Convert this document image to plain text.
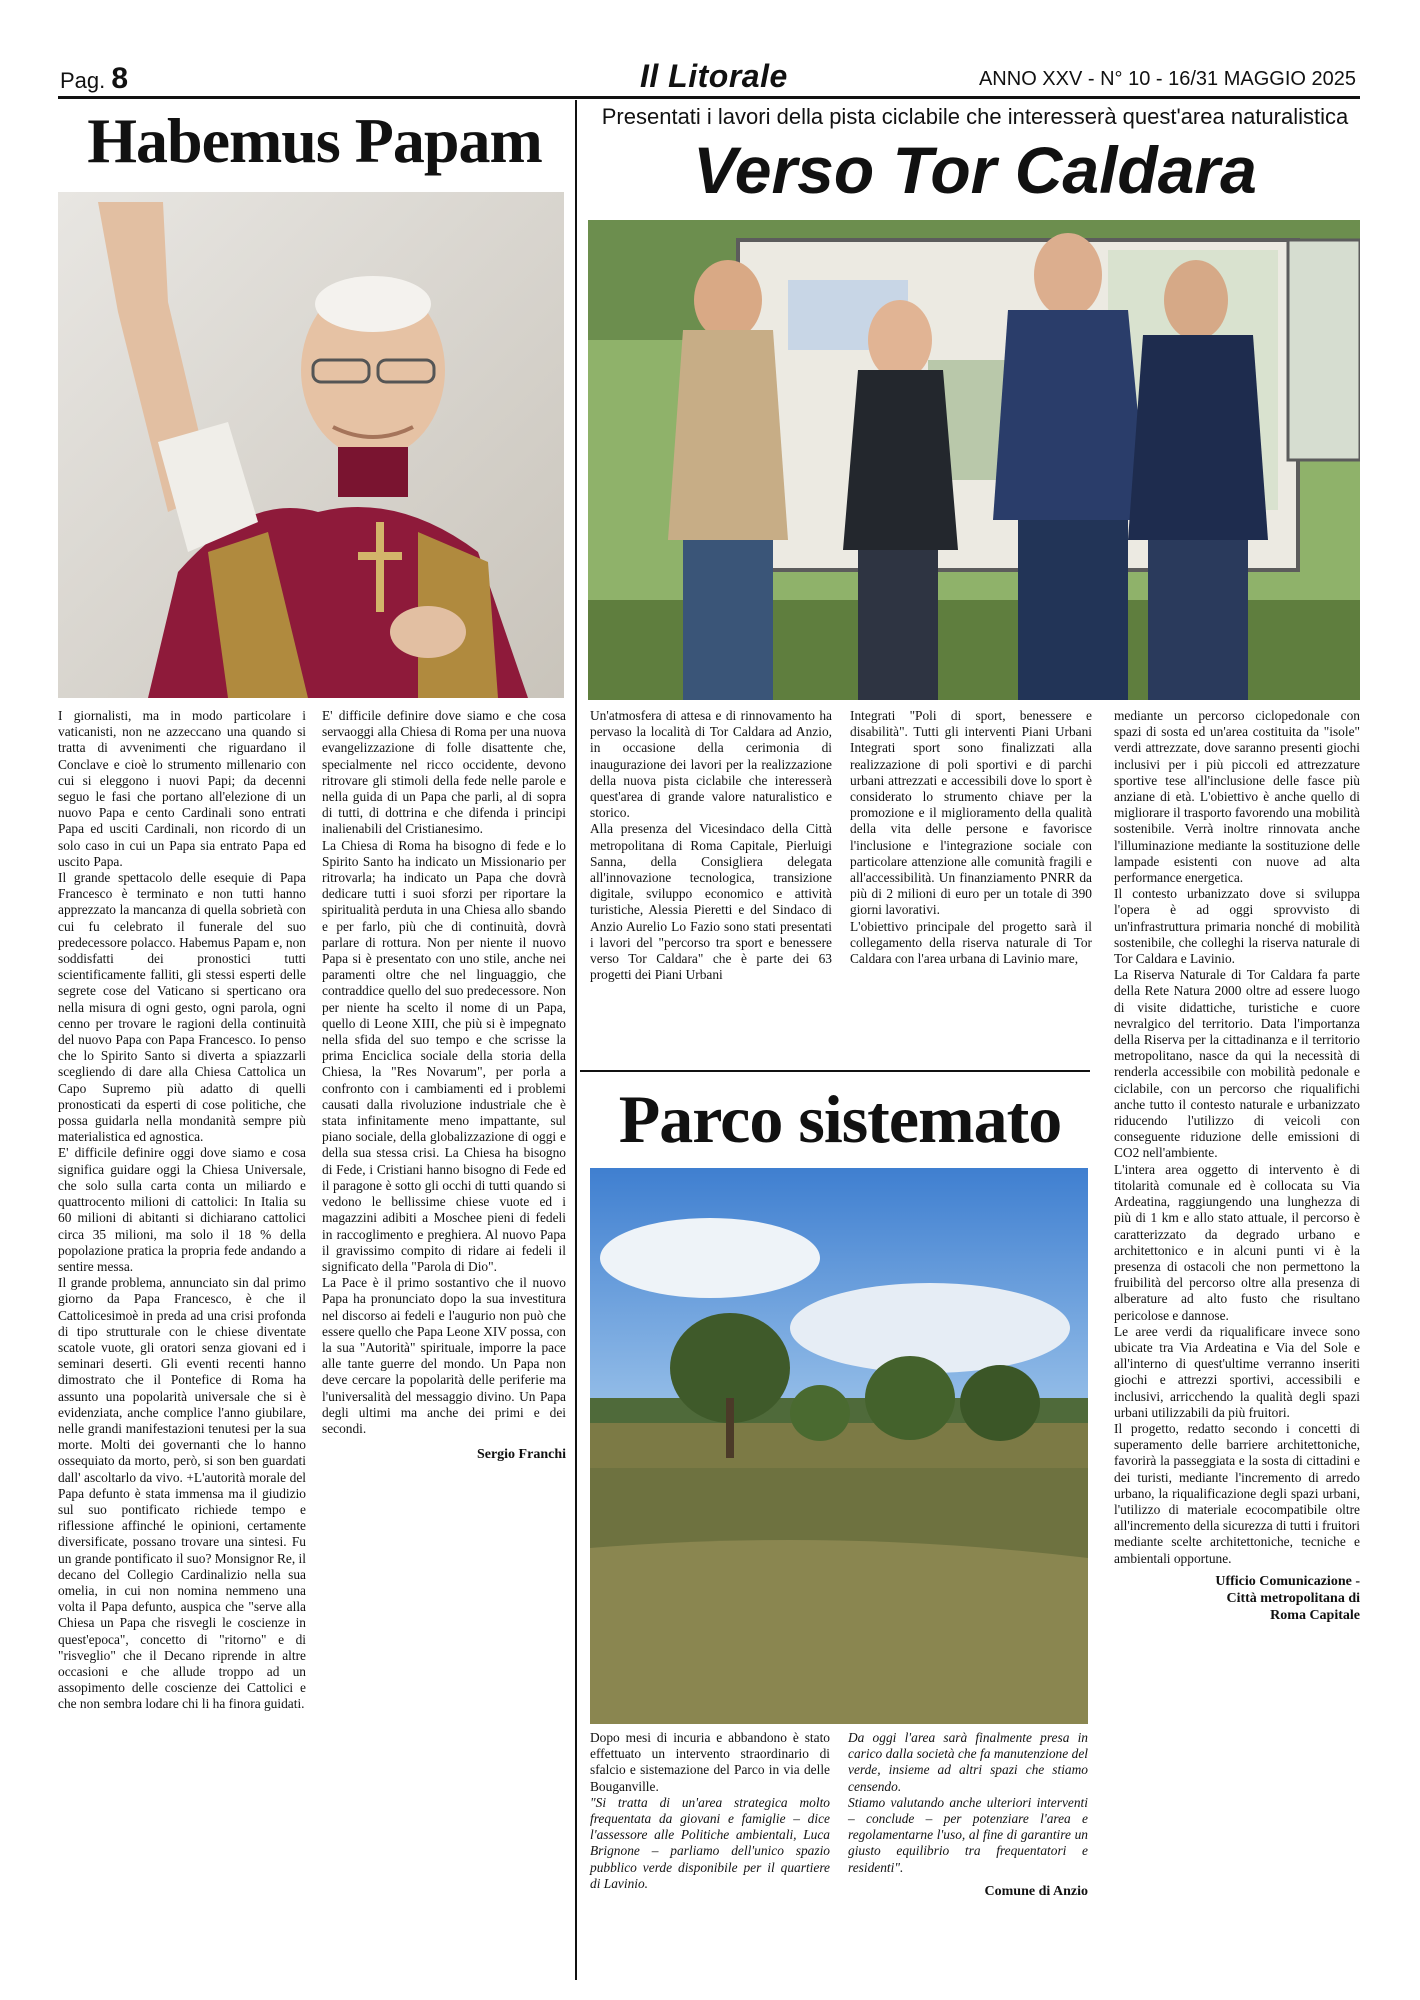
Pag. 8	Il Litorale	ANNO XXV - N° 10 - 16/31 MAGGIO 2025
Habemus Papam

I giornalisti, ma in modo particolare i vaticanisti, non ne azzeccano una quando si tratta di avvenimenti che riguardano il Conclave e cioè lo strumento millenario con cui si eleggono i nuovi Papi; da decenni seguo le fasi che portano all'elezione di un nuovo Papa e cento Cardinali sono entrati Papa ed usciti Cardinali, non ricordo di un solo caso in cui un Papa sia entrato Papa ed uscito Papa.

Il grande spettacolo delle esequie di Papa Francesco è terminato e non tutti hanno apprezzato la mancanza di quella sobrietà con cui fu celebrato il funerale del suo predecessore polacco. Habemus Papam e, non soddisfatti dei pronostici tutti scientificamente falliti, gli stessi esperti delle segrete cose del Vaticano si sperticano ora nella misura di ogni gesto, ogni parola, ogni cenno per trovare le ragioni della continuità del nuovo Papa con Papa Francesco. Io penso che lo Spirito Santo si diverta a spiazzarli scegliendo di dare alla Chiesa Cattolica un Capo Supremo più adatto di quelli pronosticati da esperti di cose politiche, che possa guidarla nella mondanità sempre più materialistica ed agnostica.

E' difficile definire oggi dove siamo e cosa significa guidare oggi la Chiesa Universale, che solo sulla carta conta un miliardo e quattrocento milioni di cattolici: In Italia su 60 milioni di abitanti si dichiarano cattolici circa 35 milioni, ma solo il 18 % della popolazione pratica la propria fede andando a sentire messa.

Il grande problema, annunciato sin dal primo giorno da Papa Francesco, è che il Cattolicesimoè in preda ad una crisi profonda di tipo strutturale con le chiese diventate scatole vuote, gli oratori senza giovani ed i seminari deserti. Gli eventi recenti hanno dimostrato che il Pontefice di Roma ha assunto una popolarità universale che si è evidenziata, anche complice l'anno giubilare, nelle grandi manifestazioni tenutesi per la sua morte. Molti dei governanti che lo hanno ossequiato da morto, però, si son ben guardati dall' ascoltarlo da vivo. +L'autorità morale del Papa defunto è stata immensa ma il giudizio sul suo pontificato richiede tempo e riflessione affinché le opinioni, certamente diversificate, possano trovare una sintesi. Fu un grande pontificato il suo? Monsignor Re, il decano del Collegio Cardinalizio nella sua omelia, in cui non nomina nemmeno una volta il Papa defunto, auspica che "serve alla Chiesa un Papa che risvegli le coscienze in quest'epoca", concetto di "ritorno" e di "risveglio" che il Decano riprende in altre occasioni e che allude troppo ad un assopimento delle coscienze dei Cattolici e che non sembra lodare chi li ha finora guidati.

E' difficile definire dove siamo e che cosa servaoggi alla Chiesa di Roma per una nuova evangelizzazione di folle disattente che, specialmente nel ricco occidente, devono ritrovare gli stimoli della fede nelle parole e nella guida di un Papa che parli, al di sopra di tutti, di dottrina e che difenda i principi inalienabili del Cristianesimo.

La Chiesa di Roma ha bisogno di fede e lo Spirito Santo ha indicato un Missionario per ritrovarla; ha indicato un Papa che dovrà dedicare tutti i suoi sforzi per riportare la spiritualità perduta in una Chiesa allo sbando e per farlo, più che di continuità, dovrà parlare di rottura. Non per niente il nuovo Papa si è presentato con uno stile, anche nei paramenti oltre che nel linguaggio, che contraddice quello del suo predecessore. Non per niente ha scelto il nome di un Papa, quello di Leone XIII, che più si è impegnato nella sfida del suo tempo e che scrisse la prima Enciclica sociale della storia della Chiesa, la "Res Novarum", per porla a confronto con i cambiamenti ed i problemi causati dalla rivoluzione industriale che è stata infinitamente meno impattante, sul piano sociale, della globalizzazione di oggi e della sua stessa crisi. La Chiesa ha bisogno di Fede, i Cristiani hanno bisogno di Fede ed il paragone è sotto gli occhi di tutti quando si vedono le bellissime chiese vuote ed i magazzini adibiti a Moschee pieni di fedeli in raccoglimento e preghiera. Al nuovo Papa il gravissimo compito di ridare ai fedeli il significato della "Parola di Dio".

La Pace è il primo sostantivo che il nuovo Papa ha pronunciato dopo la sua investitura nel discorso ai fedeli e l'augurio non può che essere quello che Papa Leone XIV possa, con la sua "Autorità" spirituale, imporre la pace alle tante guerre del mondo. Un Papa non deve cercare la popolarità delle periferie ma l'universalità del messaggio divino. Un Papa degli ultimi ma anche dei primi e dei secondi.

Sergio Franchi
Presentati i lavori della pista ciclabile che interesserà quest'area naturalistica
Verso Tor Caldara

Un'atmosfera di attesa e di rinnovamento ha pervaso la località di Tor Caldara ad Anzio, in occasione della cerimonia di inaugurazione dei lavori per la realizzazione della nuova pista ciclabile che interesserà quest'area di grande valore naturalistico e storico.

Alla presenza del Vicesindaco della Città metropolitana di Roma Capitale, Pierluigi Sanna, della Consigliera delegata all'innovazione tecnologica, transizione digitale, sviluppo economico e attività turistiche, Alessia Pieretti e del Sindaco di Anzio Aurelio Lo Fazio sono stati presentati i lavori del "percorso tra sport e benessere verso Tor Caldara" che è parte dei 63 progetti dei Piani Urbani

Integrati "Poli di sport, benessere e disabilità". Tutti gli interventi Piani Urbani Integrati sport sono finalizzati alla realizzazione di poli sportivi e di parchi urbani attrezzati e accessibili dove lo sport è considerato lo strumento chiave per la promozione e il miglioramento della qualità della vita delle persone e favorisce l'inclusione e l'integrazione sociale con particolare attenzione alle comunità fragili e all'accessibilità. Un finanziamento PNRR da più di 2 milioni di euro per un totale di 390 giorni lavorativi.

L'obiettivo principale del progetto sarà il collegamento della riserva naturale di Tor Caldara con l'area urbana di Lavinio mare,

mediante un percorso ciclopedonale con spazi di sosta ed un'area costituita da "isole" verdi attrezzate, dove saranno presenti giochi inclusivi per i più piccoli ed attrezzature sportive tese all'inclusione delle fasce più anziane di età. L'obiettivo è anche quello di migliorare il trasporto favorendo una mobilità sostenibile. Verrà inoltre rinnovata anche l'illuminazione mediante la sostituzione delle lampade esistenti con nuove ad alta performance energetica.

Il contesto urbanizzato dove si sviluppa l'opera è ad oggi sprovvisto di un'infrastruttura primaria nonché di mobilità sostenibile, che colleghi la riserva naturale di Tor Caldara e Lavinio.

La Riserva Naturale di Tor Caldara fa parte della Rete Natura 2000 oltre ad essere luogo di visite didattiche, turistiche e cuore nevralgico del territorio. Data l'importanza della Riserva per la cittadinanza e il territorio metropolitano, nasce da qui la necessità di renderla accessibile con mobilità pedonale e ciclabile, con un percorso che riqualifichi anche tutto il contesto naturale e urbanizzato riducendo l'utilizzo di veicoli con conseguente riduzione delle emissioni di CO2 nell'ambiente.

L'intera area oggetto di intervento è di titolarità comunale ed è collocata su Via Ardeatina, raggiungendo una lunghezza di più di 1 km e allo stato attuale, il percorso è caratterizzato da degrado urbano e architettonico e in alcuni punti vi è la presenza di ostacoli che non permettono la fruibilità del percorso oltre alla presenza di alberature ad alto fusto che risultano pericolose e dannose.

Le aree verdi da riqualificare invece sono ubicate tra Via Ardeatina e Via del Sole e all'interno di quest'ultime verranno inseriti giochi e attrezzi sportivi, accessibili e inclusivi, arricchendo la qualità degli spazi urbani utilizzabili da più fruitori.

Il progetto, redatto secondo i concetti di superamento delle barriere architettoniche, favorirà la passeggiata e la sosta di cittadini e dei turisti, mediante l'incremento di arredo urbano, la riqualificazione degli spazi urbani, l'utilizzo di materiale ecocompatibile oltre all'incremento della sicurezza di tutti i fruitori mediante scelte architettoniche, tecniche e ambientali opportune.

Ufficio Comunicazione -
Città metropolitana di
Roma Capitale
Parco sistemato

Dopo mesi di incuria e abbandono è stato effettuato un intervento straordinario di sfalcio e sistemazione del Parco in via delle Bouganville.

"Si tratta di un'area strategica molto frequentata da giovani e famiglie – dice l'assessore alle Politiche ambientali, Luca Brignone – parliamo dell'unico spazio pubblico verde disponibile per il quartiere di Lavinio.

Da oggi l'area sarà finalmente presa in carico dalla società che fa manutenzione del verde, insieme ad altri spazi che stiamo censendo.

Stiamo valutando anche ulteriori interventi – conclude – per potenziare l'area e regolamentarne l'uso, al fine di garantire un giusto equilibrio tra frequentatori e residenti".

Comune di Anzio
